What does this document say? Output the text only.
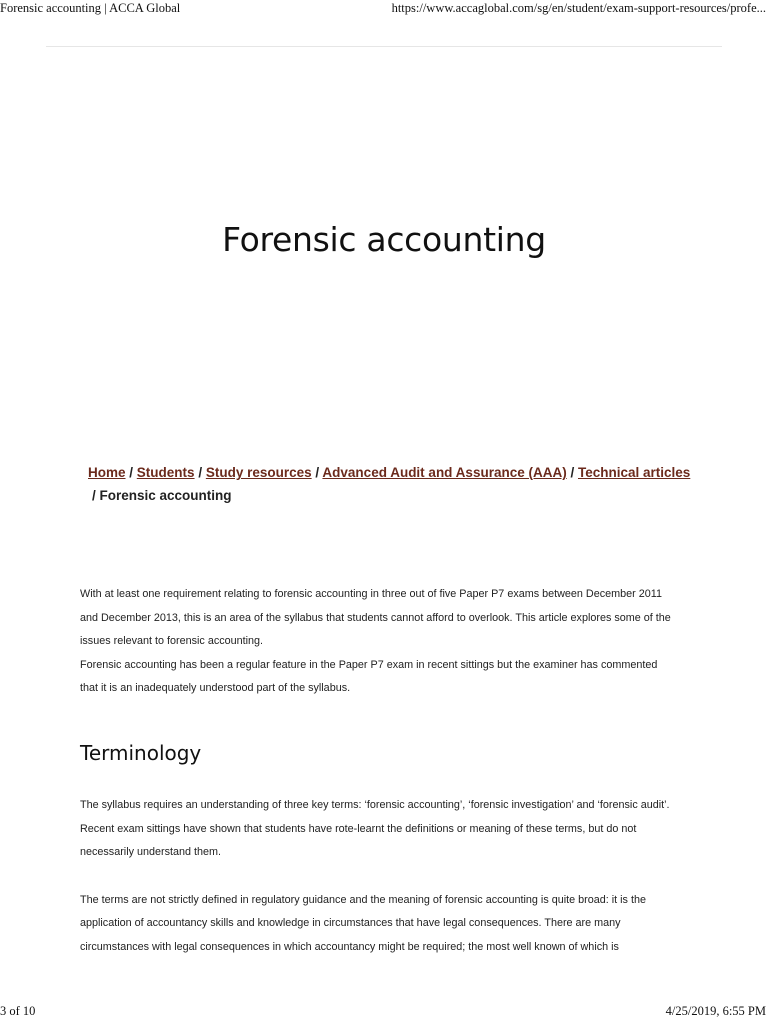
Forensic accounting | ACCA Global	https://www.accaglobal.com/sg/en/student/exam-support-resources/profe...
Forensic accounting
Home / Students / Study resources / Advanced Audit and Assurance (AAA) / Technical articles
/ Forensic accounting

With at least one requirement relating to forensic accounting in three out of five Paper P7 exams between December 2011

and December 2013, this is an area of the syllabus that students cannot afford to overlook. This article explores some of the

issues relevant to forensic accounting.

Forensic accounting has been a regular feature in the Paper P7 exam in recent sittings but the examiner has commented

that it is an inadequately understood part of the syllabus.

Terminology

The syllabus requires an understanding of three key terms: ‘forensic accounting’, ‘forensic investigation’ and ‘forensic audit’.

Recent exam sittings have shown that students have rote-learnt the definitions or meaning of these terms, but do not

necessarily understand them.

The terms are not strictly defined in regulatory guidance and the meaning of forensic accounting is quite broad: it is the

application of accountancy skills and knowledge in circumstances that have legal consequences. There are many

circumstances with legal consequences in which accountancy might be required; the most well known of which is

3 of 10	4/25/2019, 6:55 PM
